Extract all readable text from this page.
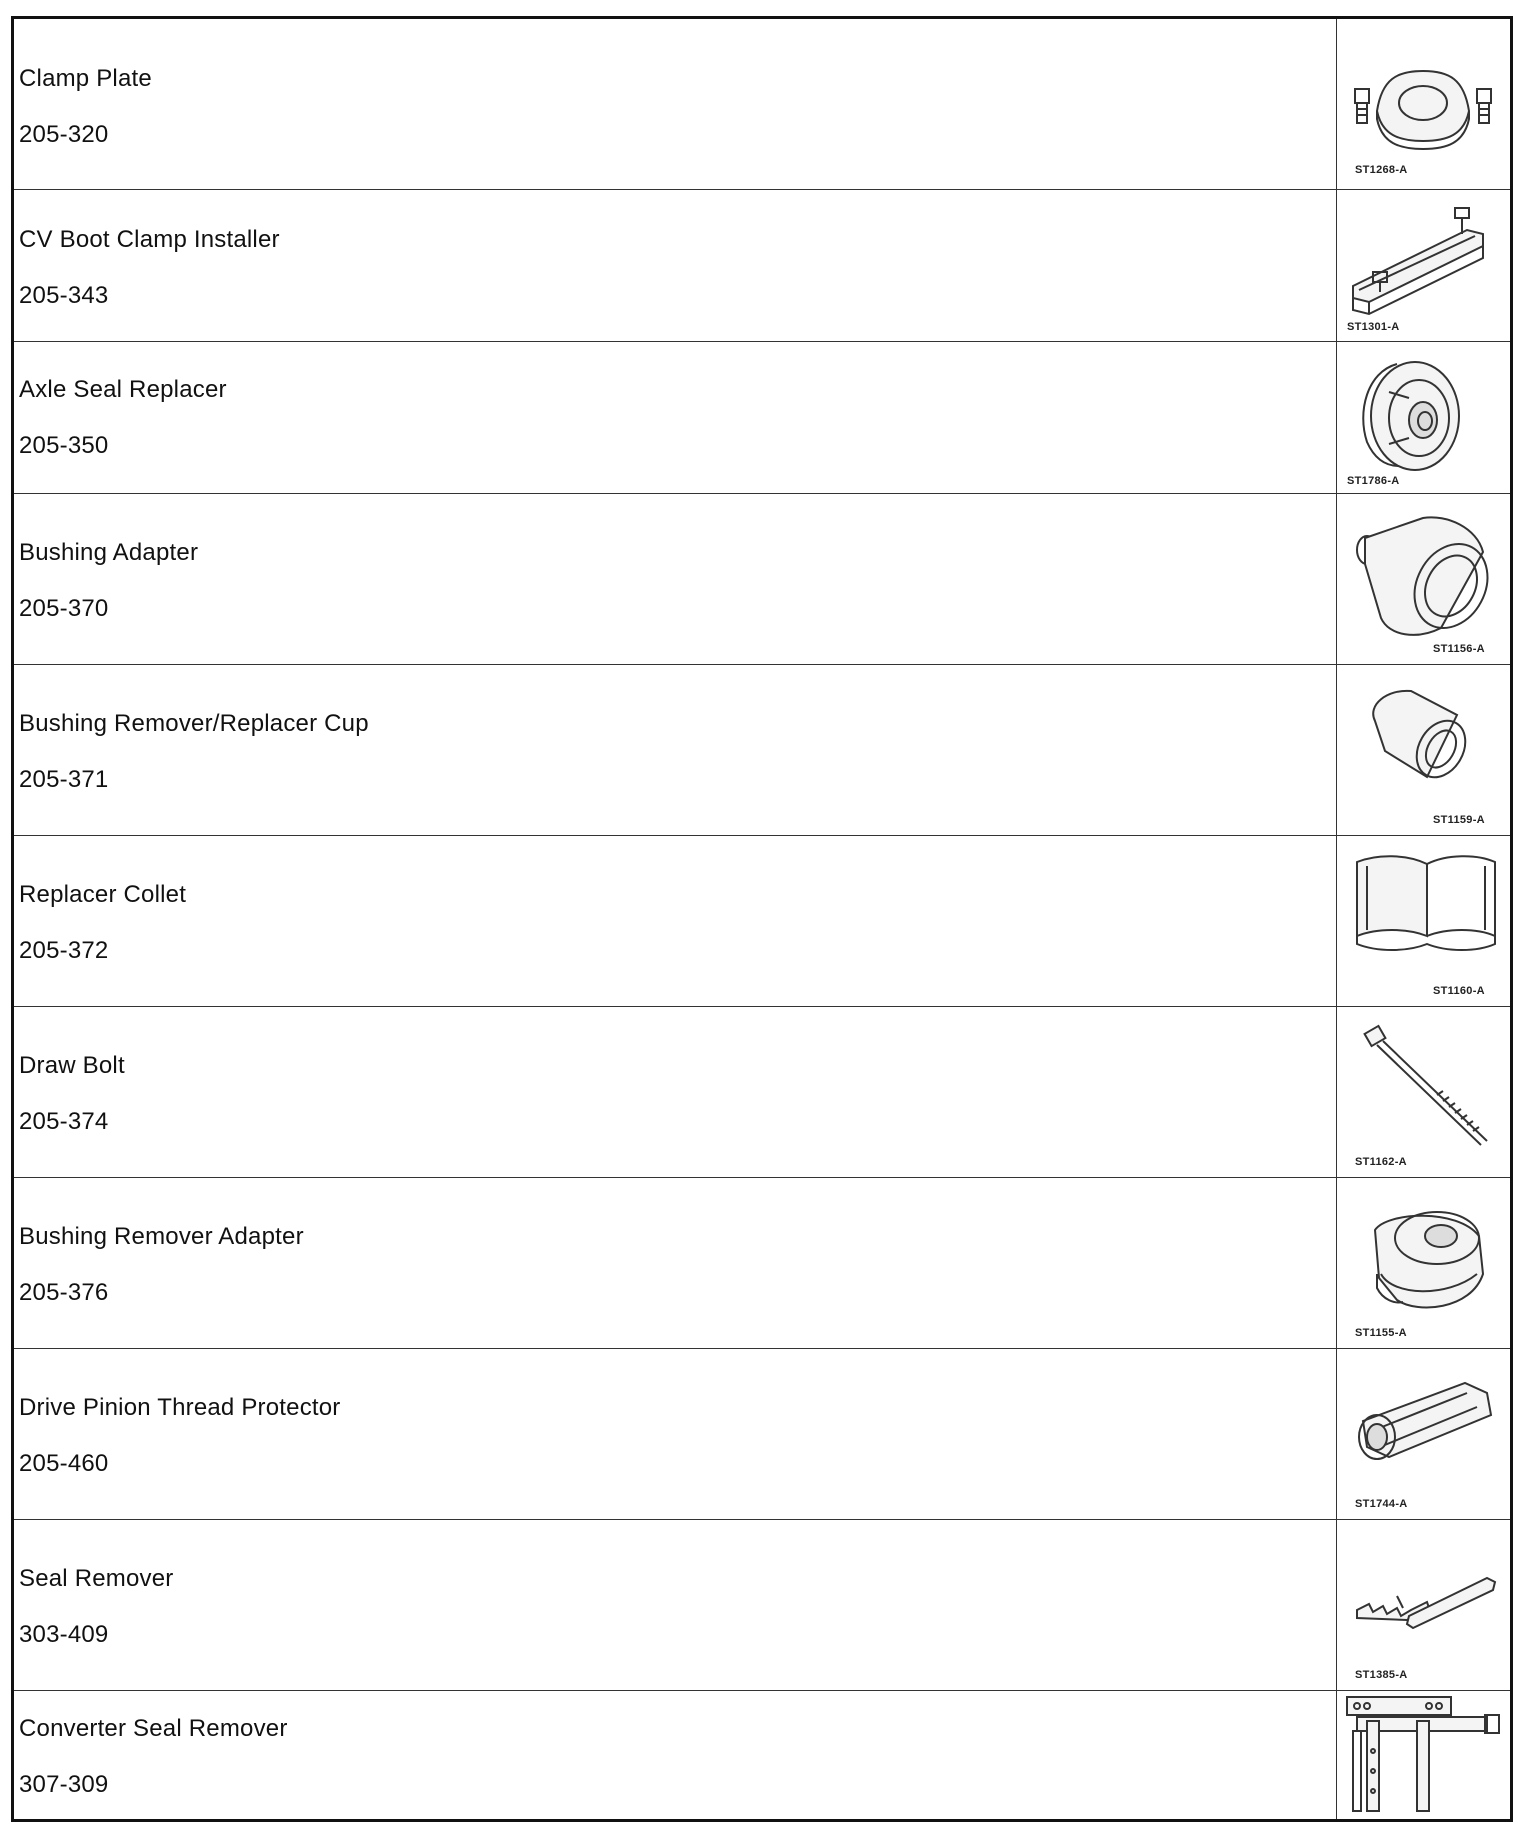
Clamp Plate
205-320
ST1268-A
CV Boot Clamp Installer
205-343
ST1301-A
Axle Seal Replacer
205-350
ST1786-A
Bushing Adapter
205-370
ST1156-A
Bushing Remover/Replacer Cup
205-371
ST1159-A
Replacer Collet
205-372
ST1160-A
Draw Bolt
205-374
ST1162-A
Bushing Remover Adapter
205-376
ST1155-A
Drive Pinion Thread Protector
205-460
ST1744-A
Seal Remover
303-409
ST1385-A
Converter Seal Remover
307-309
